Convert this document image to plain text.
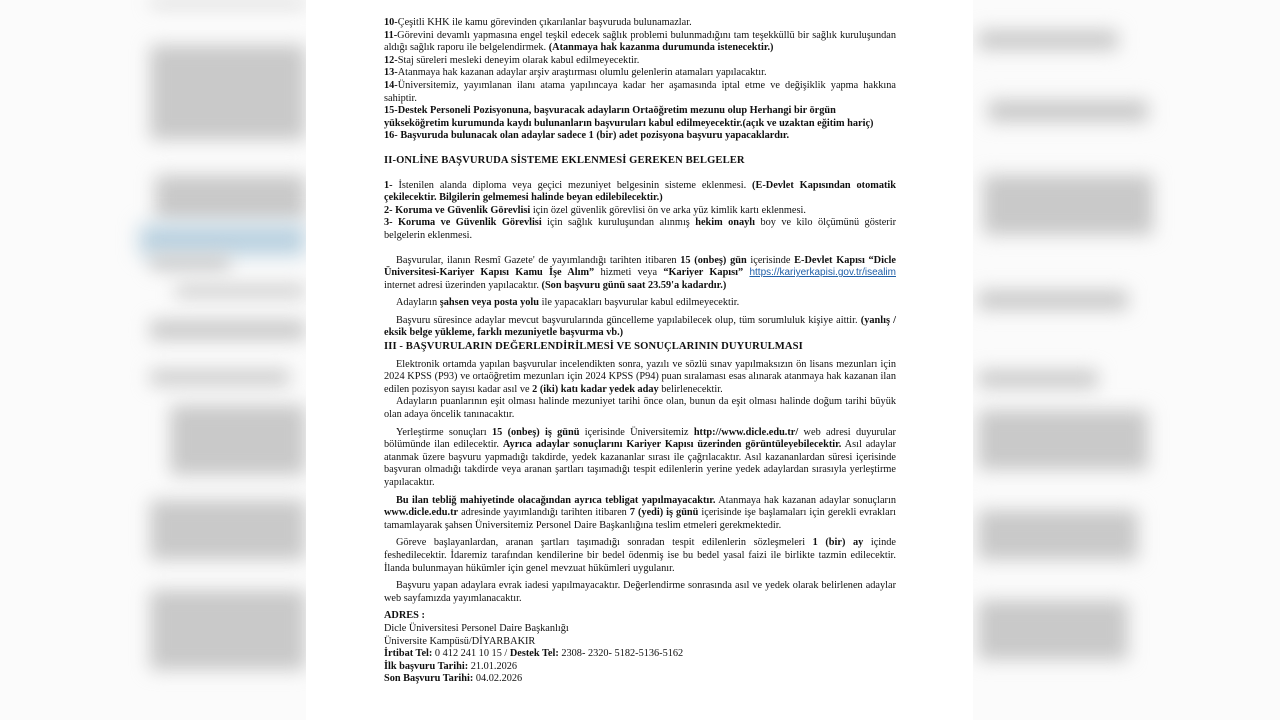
10-Çeşitli KHK ile kamu görevinden çıkarılanlar başvuruda bulunamazlar.

11-Görevini devamlı yapmasına engel teşkil edecek sağlık problemi bulunmadığını tam teşekküllü bir sağlık kuruluşundan aldığı sağlık raporu ile belgelendirmek. (Atanmaya hak kazanma durumunda istenecektir.)

12-Staj süreleri mesleki deneyim olarak kabul edilmeyecektir.

13-Atanmaya hak kazanan adaylar arşiv araştırması olumlu gelenlerin atamaları yapılacaktır.

14-Üniversitemiz, yayımlanan ilanı atama yapılıncaya kadar her aşamasında iptal etme ve değişiklik yapma hakkına sahiptir.

15-Destek Personeli Pozisyonuna, başvuracak adayların Ortaöğretim mezunu olup Herhangi bir örgün yükseköğretim kurumunda kaydı bulunanların başvuruları kabul edilmeyecektir.(açık ve uzaktan eğitim hariç)

16- Başvuruda bulunacak olan adaylar sadece 1 (bir) adet pozisyona başvuru yapacaklardır.

II-ONLİNE BAŞVURUDA SİSTEME EKLENMESİ GEREKEN BELGELER

1- İstenilen alanda diploma veya geçici mezuniyet belgesinin sisteme eklenmesi. (E-Devlet Kapısından otomatik çekilecektir. Bilgilerin gelmemesi halinde beyan edilebilecektir.)

2- Koruma ve Güvenlik Görevlisi için özel güvenlik görevlisi ön ve arka yüz kimlik kartı eklenmesi.

3- Koruma ve Güvenlik Görevlisi için sağlık kuruluşundan alınmış hekim onaylı boy ve kilo ölçümünü gösterir belgelerin eklenmesi.

Başvurular, ilanın Resmî Gazete' de yayımlandığı tarihten itibaren 15 (onbeş) gün içerisinde E-Devlet Kapısı “Dicle Üniversitesi-Kariyer Kapısı Kamu İşe Alım” hizmeti veya “Kariyer Kapısı” https://kariyerkapisi.gov.tr/isealim internet adresi üzerinden yapılacaktır. (Son başvuru günü saat 23.59'a kadardır.)

Adayların şahsen veya posta yolu ile yapacakları başvurular kabul edilmeyecektir.

Başvuru süresince adaylar mevcut başvurularında güncelleme yapılabilecek olup, tüm sorumluluk kişiye aittir. (yanlış / eksik belge yükleme, farklı mezuniyetle başvurma vb.)

III - BAŞVURULARIN DEĞERLENDİRİLMESİ VE SONUÇLARININ DUYURULMASI

Elektronik ortamda yapılan başvurular incelendikten sonra, yazılı ve sözlü sınav yapılmaksızın ön lisans mezunları için 2024 KPSS (P93) ve ortaöğretim mezunları için 2024 KPSS (P94) puan sıralaması esas alınarak atanmaya hak kazanan ilan edilen pozisyon sayısı kadar asıl ve 2 (iki) katı kadar yedek aday belirlenecektir.

Adayların puanlarının eşit olması halinde mezuniyet tarihi önce olan, bunun da eşit olması halinde doğum tarihi büyük olan adaya öncelik tanınacaktır.

Yerleştirme sonuçları 15 (onbeş) iş günü içerisinde Üniversitemiz http://www.dicle.edu.tr/ web adresi duyurular bölümünde ilan edilecektir. Ayrıca adaylar sonuçlarını Kariyer Kapısı üzerinden görüntüleyebilecektir. Asıl adaylar atanmak üzere başvuru yapmadığı takdirde, yedek kazananlar sırası ile çağrılacaktır. Asıl kazananlardan süresi içerisinde başvuran olmadığı takdirde veya aranan şartları taşımadığı tespit edilenlerin yerine yedek adaylardan sırasıyla yerleştirme yapılacaktır.

Bu ilan tebliğ mahiyetinde olacağından ayrıca tebligat yapılmayacaktır. Atanmaya hak kazanan adaylar sonuçların www.dicle.edu.tr adresinde yayımlandığı tarihten itibaren 7 (yedi) iş günü içerisinde işe başlamaları için gerekli evrakları tamamlayarak şahsen Üniversitemiz Personel Daire Başkanlığına teslim etmeleri gerekmektedir.

Göreve başlayanlardan, aranan şartları taşımadığı sonradan tespit edilenlerin sözleşmeleri 1 (bir) ay içinde feshedilecektir. İdaremiz tarafından kendilerine bir bedel ödenmiş ise bu bedel yasal faizi ile birlikte tazmin edilecektir. İlanda bulunmayan hükümler için genel mevzuat hükümleri uygulanır.

Başvuru yapan adaylara evrak iadesi yapılmayacaktır. Değerlendirme sonrasında asıl ve yedek olarak belirlenen adaylar web sayfamızda yayımlanacaktır.

ADRES :

Dicle Üniversitesi Personel Daire Başkanlığı

Üniversite Kampüsü/DİYARBAKIR

İrtibat Tel: 0 412 241 10 15 / Destek Tel: 2308- 2320- 5182-5136-5162

İlk başvuru Tarihi: 21.01.2026

Son Başvuru Tarihi: 04.02.2026
